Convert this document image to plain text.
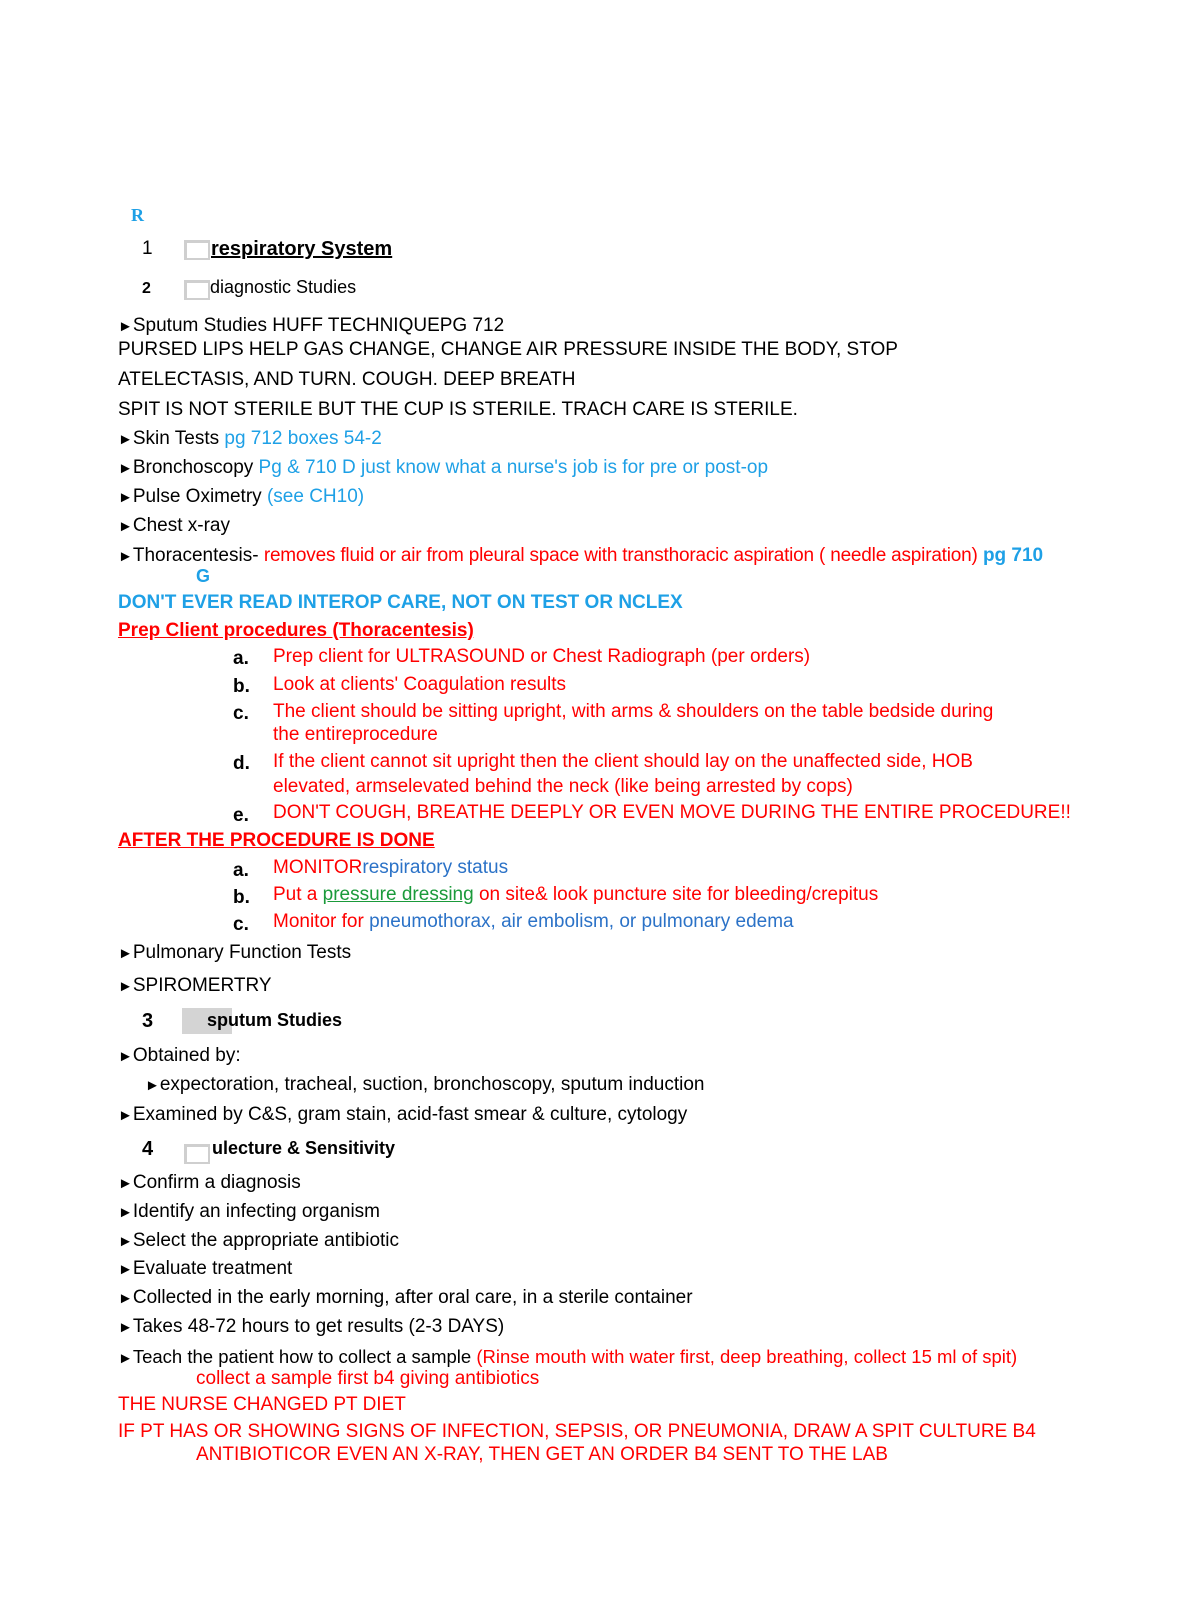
R
1	respiratory System
2	diagnostic Studies
►Sputum Studies HUFF TECHNIQUEPG 712
PURSED LIPS HELP GAS CHANGE, CHANGE AIR PRESSURE INSIDE THE BODY, STOP
ATELECTASIS, AND TURN. COUGH. DEEP BREATH
SPIT IS NOT STERILE BUT THE CUP IS STERILE. TRACH CARE IS STERILE.
►Skin Tests pg 712 boxes 54-2
►Bronchoscopy Pg & 710 D just know what a nurse's job is for pre or post-op
►Pulse Oximetry (see CH10)
►Chest x-ray
►Thoracentesis- removes fluid or air from pleural space with transthoracic aspiration ( needle aspiration) pg 710
G
DON'T EVER READ INTEROP CARE, NOT ON TEST OR NCLEX
Prep Client procedures (Thoracentesis)
a. Prep client for ULTRASOUND or Chest Radiograph (per orders)
b. Look at clients' Coagulation results
c. The client should be sitting upright, with arms & shoulders on the table bedside during
the entireprocedure
d. If the client cannot sit upright then the client should lay on the unaffected side, HOB
elevated, armselevated behind the neck (like being arrested by cops)
e. DON'T COUGH, BREATHE DEEPLY OR EVEN MOVE DURING THE ENTIRE PROCEDURE!!
AFTER THE PROCEDURE IS DONE
a. MONITORrespiratory status
b. Put a pressure dressing on site& look puncture site for bleeding/crepitus
c. Monitor for pneumothorax, air embolism, or pulmonary edema
►Pulmonary Function Tests
►SPIROMERTRY
3	sputum Studies
►Obtained by:
►expectoration, tracheal, suction, bronchoscopy, sputum induction
►Examined by C&S, gram stain, acid-fast smear & culture, cytology
4	ulecture & Sensitivity
►Confirm a diagnosis
►Identify an infecting organism
►Select the appropriate antibiotic
►Evaluate treatment
►Collected in the early morning, after oral care, in a sterile container
►Takes 48-72 hours to get results (2-3 DAYS)
►Teach the patient how to collect a sample (Rinse mouth with water first, deep breathing, collect 15 ml of spit)
collect a sample first b4 giving antibiotics
THE NURSE CHANGED PT DIET
IF PT HAS OR SHOWING SIGNS OF INFECTION, SEPSIS, OR PNEUMONIA, DRAW A SPIT CULTURE B4
ANTIBIOTICOR EVEN AN X-RAY, THEN GET AN ORDER B4 SENT TO THE LAB
